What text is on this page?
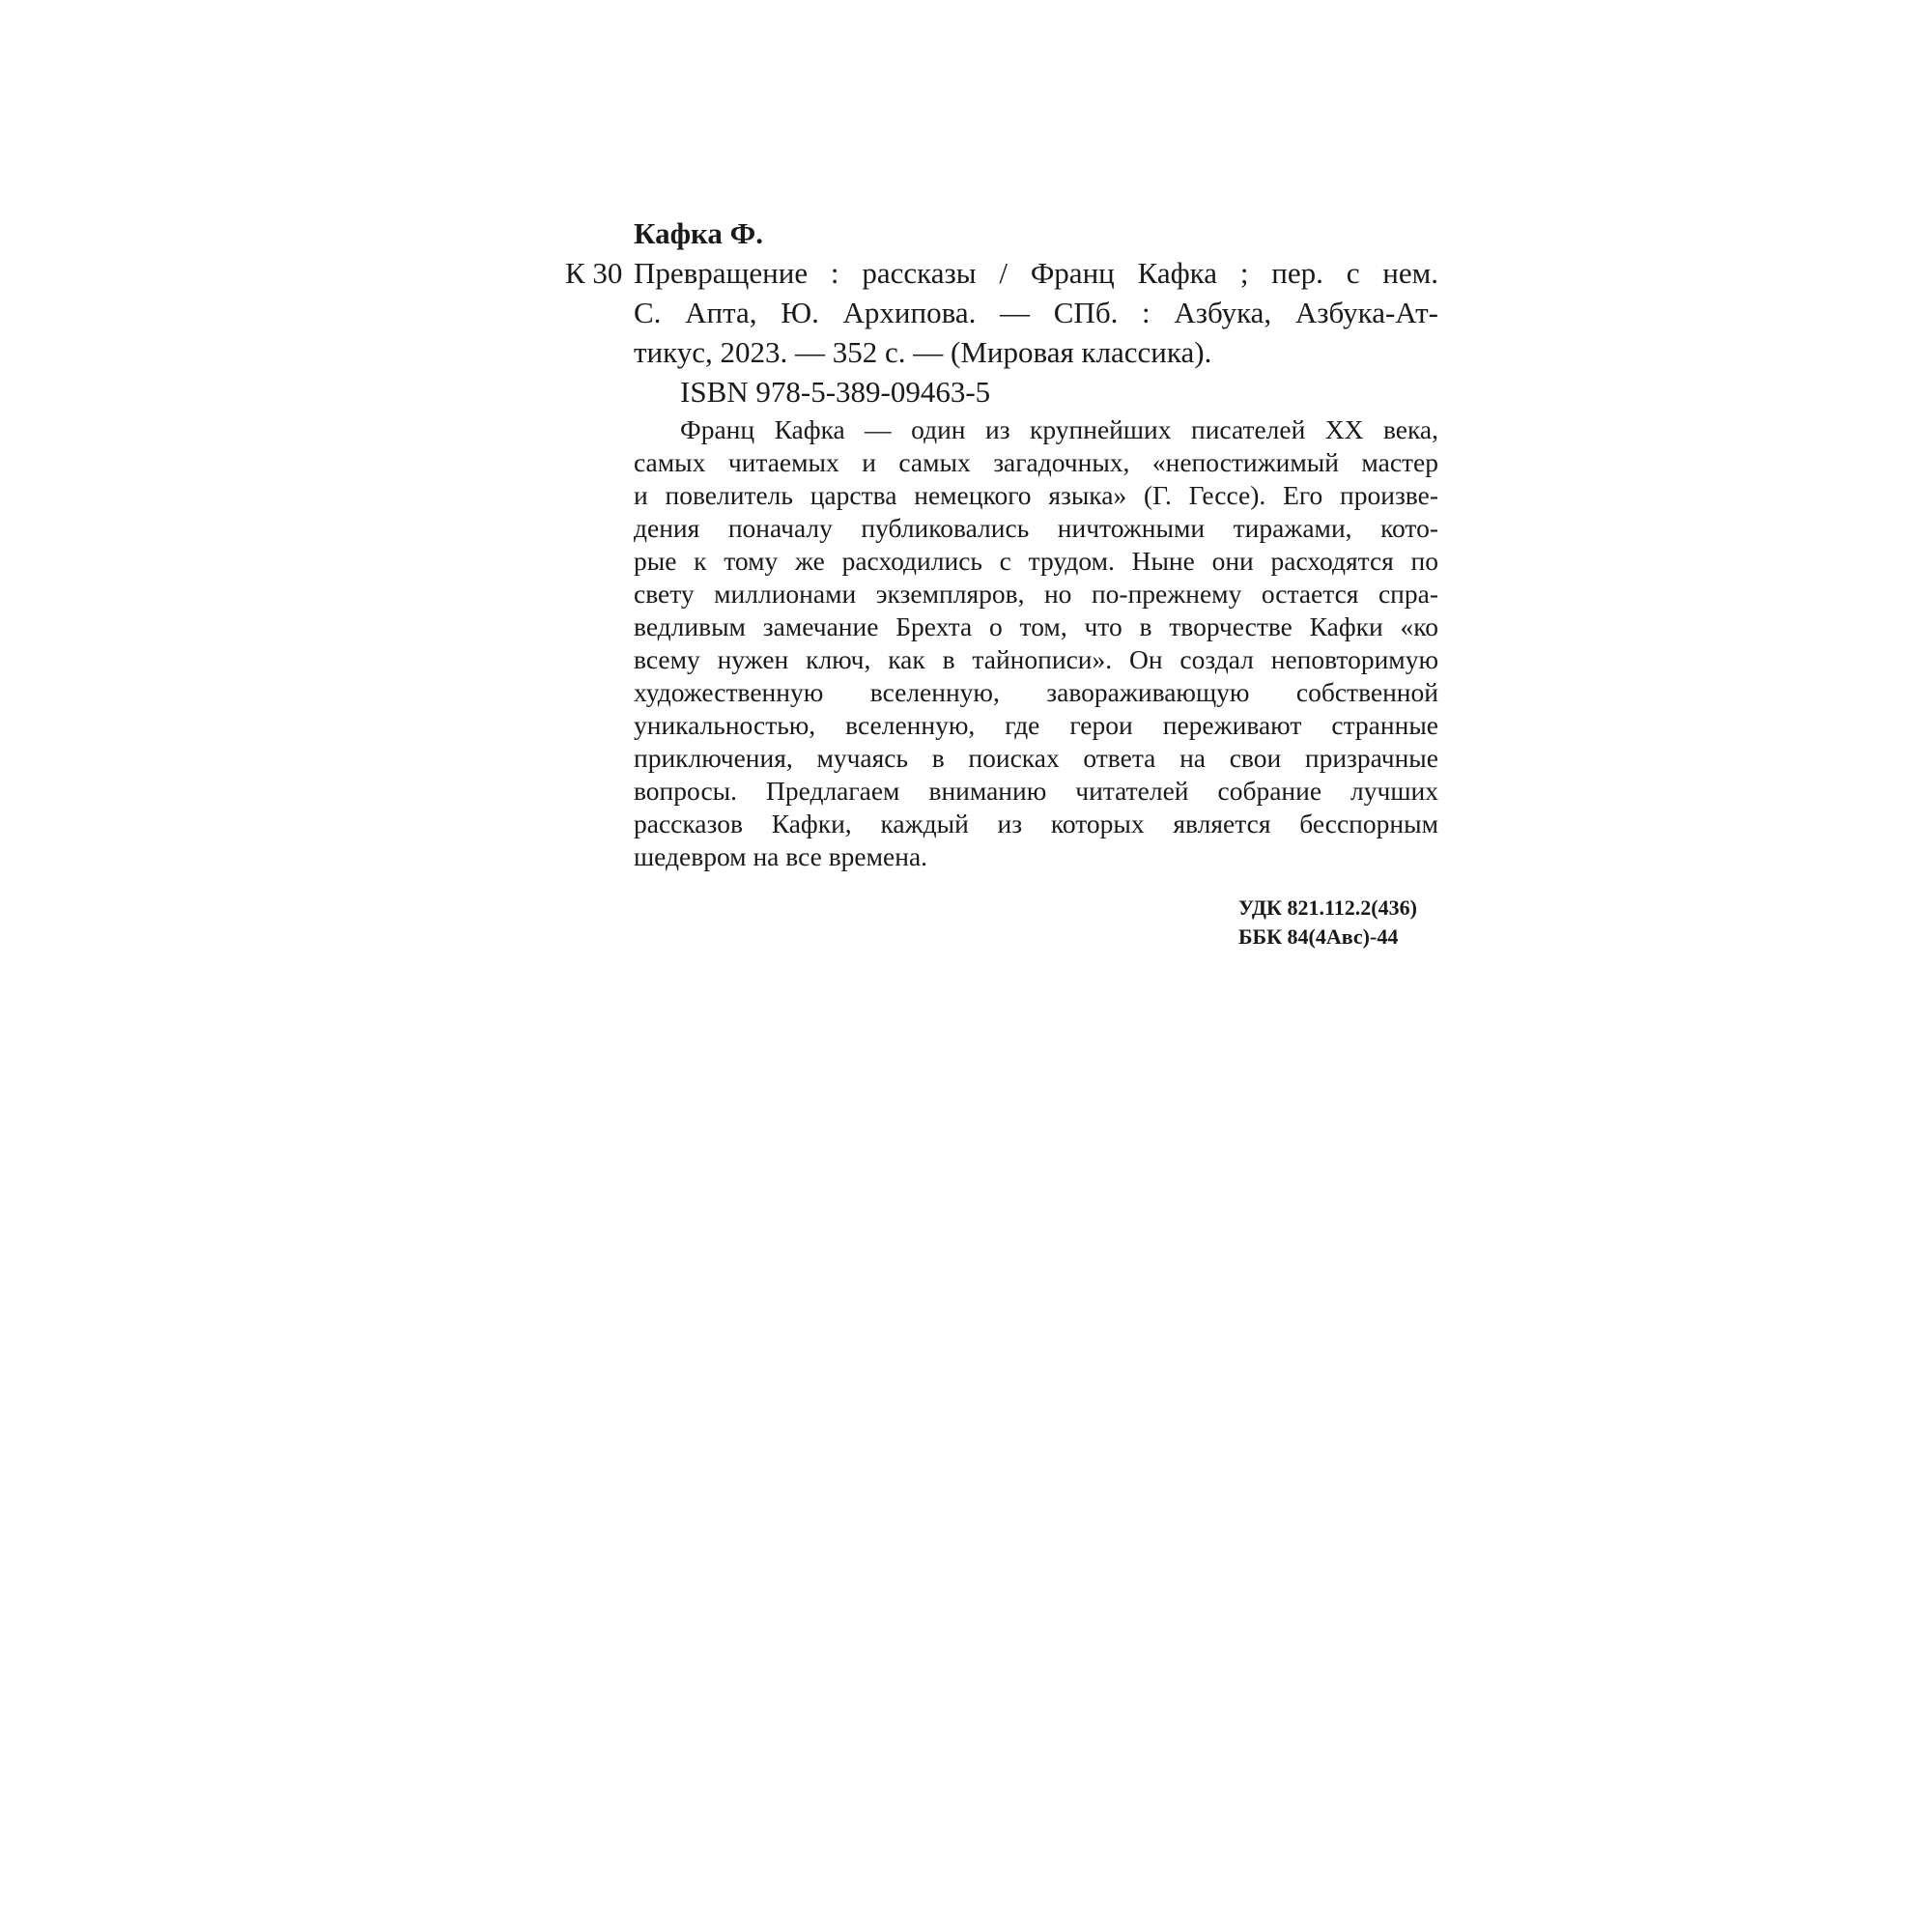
Кафка Ф.
К 30 Превращение : рассказы / Франц Кафка ; пер. с нем.
С. Апта, Ю. Архипова. — СПб. : Азбука, Азбука-Ат-
тикус, 2023. — 352 с. — (Мировая классика).
ISBN 978-5-389-09463-5
Франц Кафка — один из крупнейших писателей XX века,
самых читаемых и самых загадочных, «непостижимый мастер
и повелитель царства немецкого языка» (Г. Гессе). Его произве-
дения поначалу публиковались ничтожными тиражами, кото-
рые к тому же расходились с трудом. Ныне они расходятся по
свету миллионами экземпляров, но по-прежнему остается спра-
ведливым замечание Брехта о том, что в творчестве Кафки «ко
всему нужен ключ, как в тайнописи». Он создал неповторимую
художественную вселенную, завораживающую собственной
уникальностью, вселенную, где герои переживают странные
приключения, мучаясь в поисках ответа на свои призрачные
вопросы. Предлагаем вниманию читателей собрание лучших
рассказов Кафки, каждый из которых является бесспорным
шедевром на все времена.
УДК 821.112.2(436)
ББК 84(4Авс)-44
